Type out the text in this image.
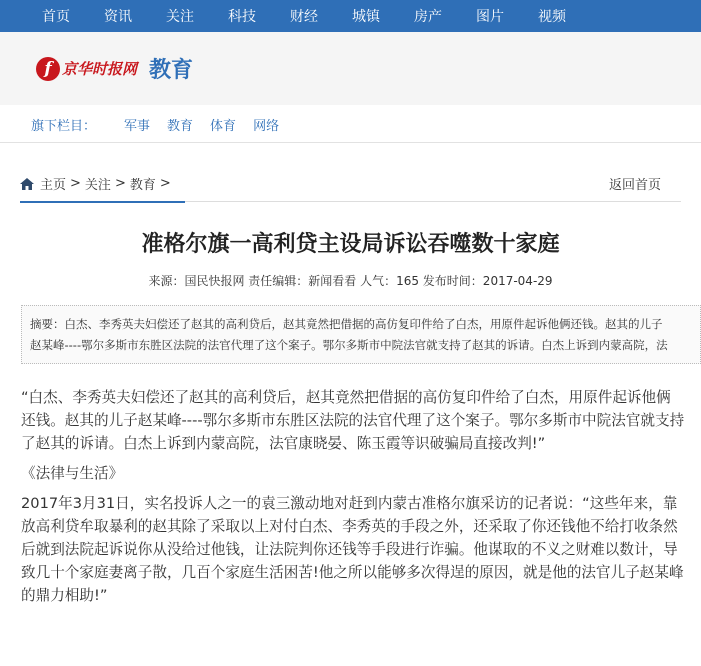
首页 资讯 关注 科技 财经 城镇 房产 图片 视频
f 京华时报网 教育
旗下栏目： 军事 教育 体育 网络
主页 > 关注 > 教育 >	返回首页
准格尔旗一高利贷主设局诉讼吞噬数十家庭
来源：国民快报网 责任编辑：新闻看看 人气：165 发布时间：2017-04-29
摘要：白杰、李秀英夫妇偿还了赵其的高利贷后，赵其竟然把借据的高仿复印件给了白杰，用原件起诉他俩还钱。赵其的儿子
赵某峰----鄂尔多斯市东胜区法院的法官代理了这个案子。鄂尔多斯市中院法官就支持了赵其的诉请。白杰上诉到内蒙高院，法

“白杰、李秀英夫妇偿还了赵其的高利贷后，赵其竟然把借据的高仿复印件给了白杰，用原件起诉他俩还钱。赵其的儿子赵某峰----鄂尔多斯市东胜区法院的法官代理了这个案子。鄂尔多斯市中院法官就支持了赵其的诉请。白杰上诉到内蒙高院，法官康晓晏、陈玉霞等识破骗局直接改判!”

《法律与生活》

2017年3月31日，实名投诉人之一的袁三激动地对赶到内蒙古准格尔旗采访的记者说：“这些年来，靠放高利贷牟取暴利的赵其除了采取以上对付白杰、李秀英的手段之外，还采取了你还钱他不给打收条然后就到法院起诉说你从没给过他钱，让法院判你还钱等手段进行诈骗。他谋取的不义之财难以数计，导致几十个家庭妻离子散，几百个家庭生活困苦!他之所以能够多次得逞的原因，就是他的法官儿子赵某峰的鼎力相助!”
